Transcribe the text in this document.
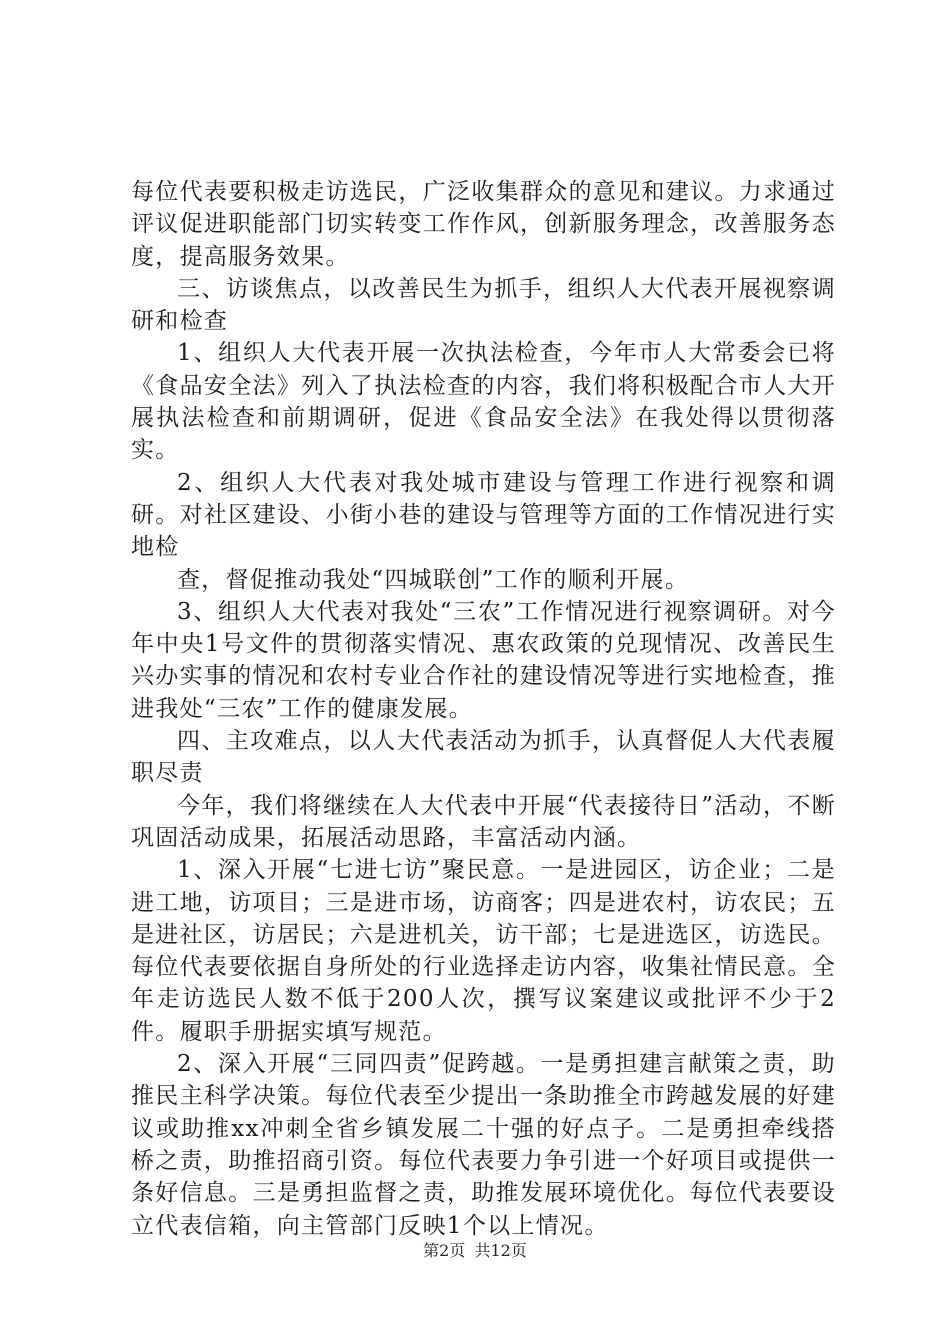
每位代表要积极走访选民，广泛收集群众的意见和建议。力求通过评议促进职能部门切实转变工作作风，创新服务理念，改善服务态度，提高服务效果。

三、访谈焦点，以改善民生为抓手，组织人大代表开展视察调研和检查

1、组织人大代表开展一次执法检查，今年市人大常委会已将《食品安全法》列入了执法检查的内容，我们将积极配合市人大开展执法检查和前期调研，促进《食品安全法》在我处得以贯彻落实。

2、组织人大代表对我处城市建设与管理工作进行视察和调研。对社区建设、小街小巷的建设与管理等方面的工作情况进行实地检

查，督促推动我处“四城联创”工作的顺利开展。

3、组织人大代表对我处“三农”工作情况进行视察调研。对今年中央1号文件的贯彻落实情况、惠农政策的兑现情况、改善民生兴办实事的情况和农村专业合作社的建设情况等进行实地检查，推进我处“三农”工作的健康发展。

四、主攻难点，以人大代表活动为抓手，认真督促人大代表履职尽责

今年，我们将继续在人大代表中开展“代表接待日”活动，不断巩固活动成果，拓展活动思路，丰富活动内涵。

1、深入开展“七进七访”聚民意。一是进园区，访企业；二是进工地，访项目；三是进市场，访商客；四是进农村，访农民；五是进社区，访居民；六是进机关，访干部；七是进选区，访选民。每位代表要依据自身所处的行业选择走访内容，收集社情民意。全年走访选民人数不低于200人次，撰写议案建议或批评不少于2件。履职手册据实填写规范。

2、深入开展“三同四责”促跨越。一是勇担建言献策之责，助推民主科学决策。每位代表至少提出一条助推全市跨越发展的好建议或助推xx冲刺全省乡镇发展二十强的好点子。二是勇担牵线搭桥之责，助推招商引资。每位代表要力争引进一个好项目或提供一条好信息。三是勇担监督之责，助推发展环境优化。每位代表要设立代表信箱，向主管部门反映1个以上情况。

第2页 共12页
